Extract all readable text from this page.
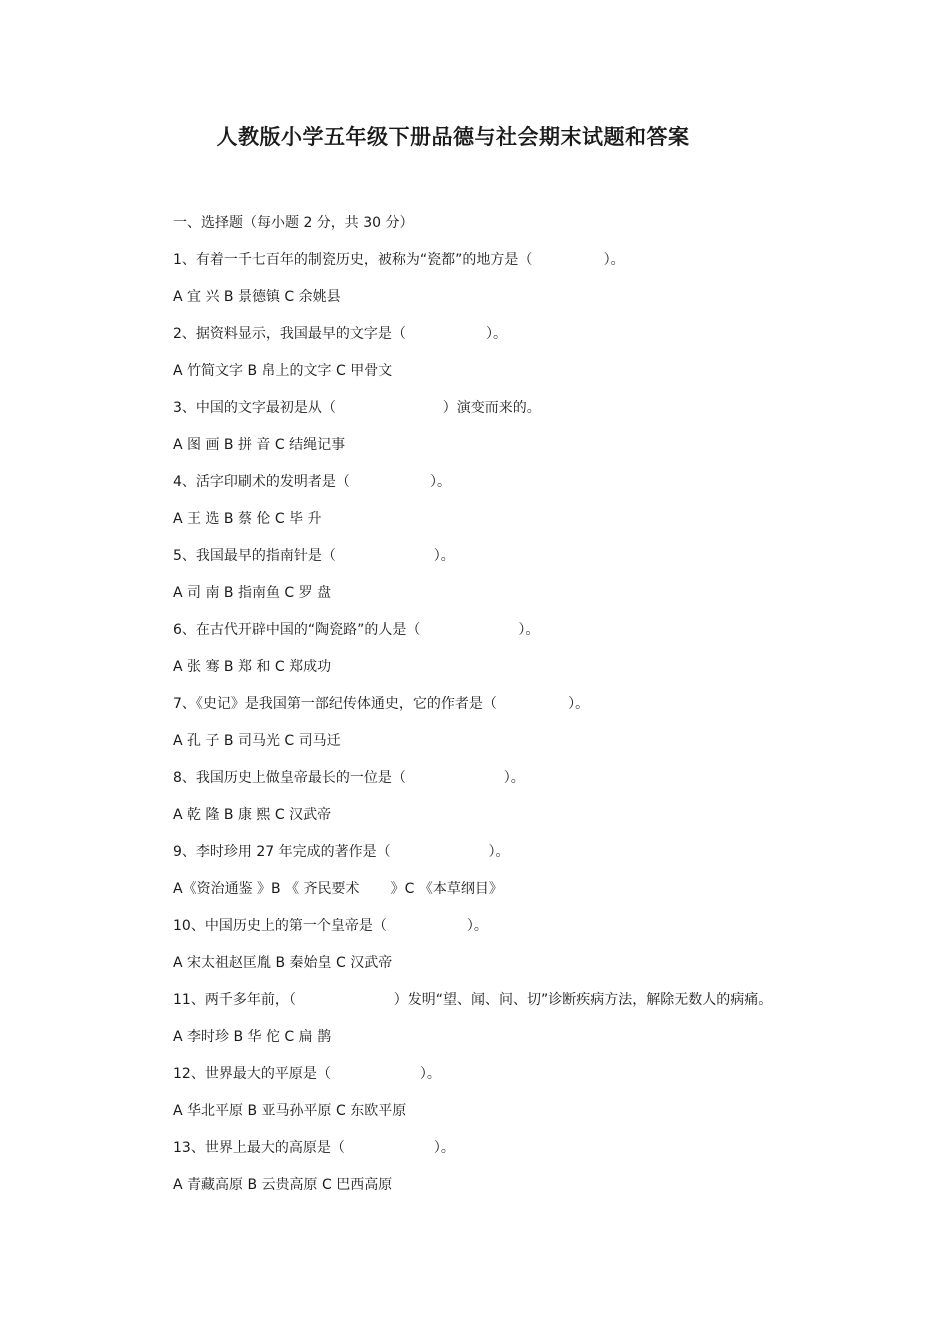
人教版小学五年级下册品德与社会期末试题和答案
一、选择题（每小题 2 分，共 30 分）
1、有着一千七百年的制瓷历史，被称为“瓷都”的地方是（                ）。
A 宜 兴 B 景德镇 C 余姚县
2、据资料显示，我国最早的文字是（                  ）。
A 竹简文字 B 帛上的文字 C 甲骨文
3、中国的文字最初是从（                        ）演变而来的。
A 图 画 B 拼 音 C 结绳记事
4、活字印刷术的发明者是（                  ）。
A 王 选 B 蔡 伦 C 毕 升
5、我国最早的指南针是（                      ）。
A 司 南 B 指南鱼 C 罗 盘
6、在古代开辟中国的“陶瓷路”的人是（                      ）。
A 张 骞 B 郑 和 C 郑成功
7、《史记》是我国第一部纪传体通史，它的作者是（                ）。
A 孔 子 B 司马光 C 司马迁
8、我国历史上做皇帝最长的一位是（                      ）。
A 乾 隆 B 康 熙 C 汉武帝
9、李时珍用 27 年完成的著作是（                      ）。
A《资治通鉴 》B 《 齐民要术       》C 《本草纲目》
10、中国历史上的第一个皇帝是（                  ）。
A 宋太祖赵匡胤 B 秦始皇 C 汉武帝
11、两千多年前，（                      ）发明“望、闻、问、切”诊断疾病方法，解除无数人的病痛。
A 李时珍 B 华 佗 C 扁 鹊
12、世界最大的平原是（                    ）。
A 华北平原 B 亚马孙平原 C 东欧平原
13、世界上最大的高原是（                    ）。
A 青藏高原 B 云贵高原 C 巴西高原
